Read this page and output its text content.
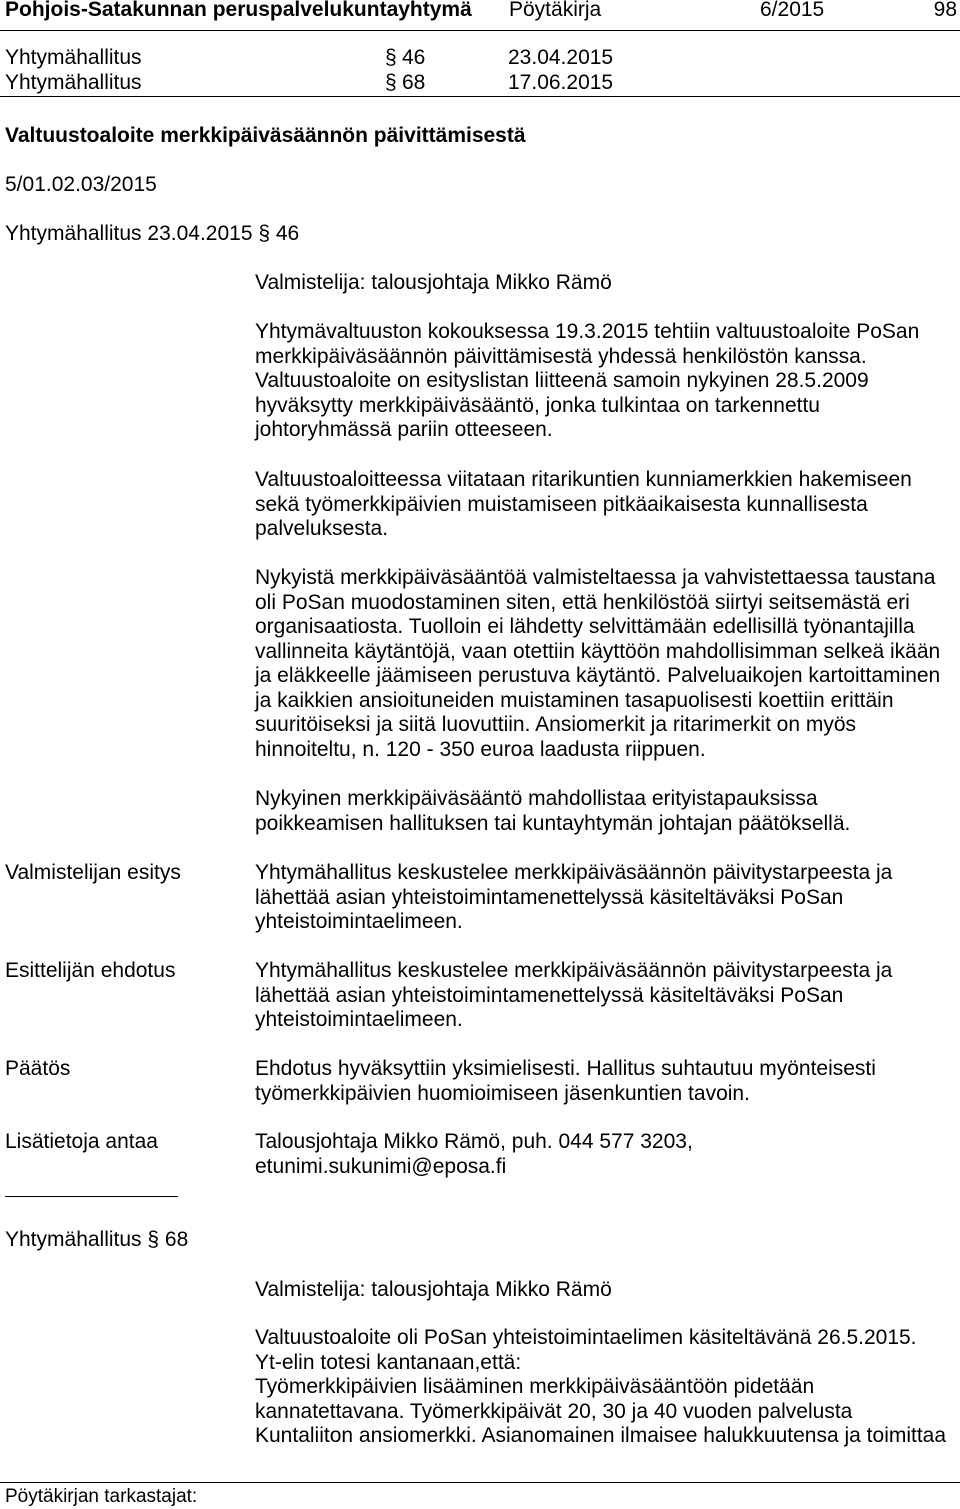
Pohjois-Satakunnan peruspalvelukuntayhtymä Pöytäkirja	6/2015	98
Yhtymähallitus	§ 46	23.04.2015
Yhtymähallitus	§ 68	17.06.2015
Valtuustoaloite merkkipäiväsäännön päivittämisestä
5/01.02.03/2015
Yhtymähallitus 23.04.2015 § 46
Valmistelija: talousjohtaja Mikko Rämö
Yhtymävaltuuston kokouksessa 19.3.2015 tehtiin valtuustoaloite PoSan
merkkipäiväsäännön päivittämisestä yhdessä henkilöstön kanssa.
Valtuustoaloite on esityslistan liitteenä samoin nykyinen 28.5.2009
hyväksytty merkkipäiväsääntö, jonka tulkintaa on tarkennettu
johtoryhmässä pariin otteeseen.
Valtuustoaloitteessa viitataan ritarikuntien kunniamerkkien hakemiseen
sekä työmerkkipäivien muistamiseen pitkäaikaisesta kunnallisesta
palveluksesta.
Nykyistä merkkipäiväsääntöä valmisteltaessa ja vahvistettaessa taustana
oli PoSan muodostaminen siten, että henkilöstöä siirtyi seitsemästä eri
organisaatiosta. Tuolloin ei lähdetty selvittämään edellisillä työnantajilla
vallinneita käytäntöjä, vaan otettiin käyttöön mahdollisimman selkeä ikään
ja eläkkeelle jäämiseen perustuva käytäntö. Palveluaikojen kartoittaminen
ja kaikkien ansioituneiden muistaminen tasapuolisesti koettiin erittäin
suuritöiseksi ja siitä luovuttiin. Ansiomerkit ja ritarimerkit on myös
hinnoiteltu, n. 120 - 350 euroa laadusta riippuen.
Nykyinen merkkipäiväsääntö mahdollistaa erityistapauksissa
poikkeamisen hallituksen tai kuntayhtymän johtajan päätöksellä.
Valmistelijan esitys	Yhtymähallitus keskustelee merkkipäiväsäännön päivitystarpeesta ja
lähettää asian yhteistoimintamenettelyssä käsiteltäväksi PoSan
yhteistoimintaelimeen.
Esittelijän ehdotus	Yhtymähallitus keskustelee merkkipäiväsäännön päivitystarpeesta ja
lähettää asian yhteistoimintamenettelyssä käsiteltäväksi PoSan
yhteistoimintaelimeen.
Päätös	Ehdotus hyväksyttiin yksimielisesti. Hallitus suhtautuu myönteisesti
työmerkkipäivien huomioimiseen jäsenkuntien tavoin.
Lisätietoja antaa	Talousjohtaja Mikko Rämö, puh. 044 577 3203,
etunimi.sukunimi@eposa.fi
Yhtymähallitus § 68
Valmistelija: talousjohtaja Mikko Rämö
Valtuustoaloite oli PoSan yhteistoimintaelimen käsiteltävänä 26.5.2015.
Yt-elin totesi kantanaan,että:
Työmerkkipäivien lisääminen merkkipäiväsääntöön pidetään
kannatettavana. Työmerkkipäivät 20, 30 ja 40 vuoden palvelusta
Kuntaliiton ansiomerkki. Asianomainen ilmaisee halukkuutensa ja toimittaa
Pöytäkirjan tarkastajat:
